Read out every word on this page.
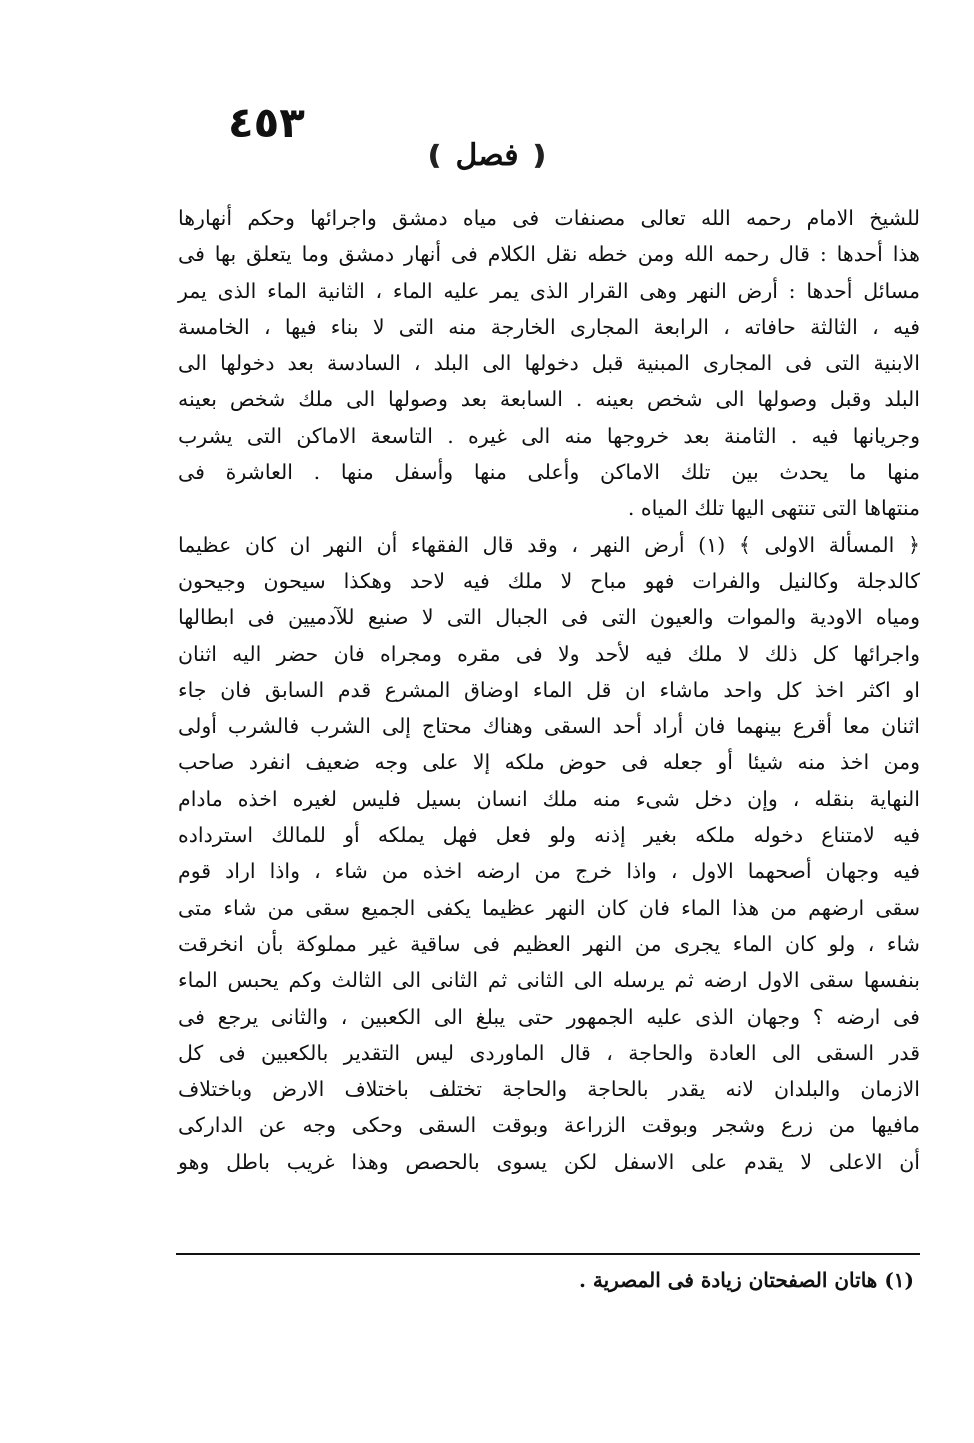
٤٥٣
❪ فصل ❫
للشيخ الامام رحمه الله تعالى مصنفات فى مياه دمشق واجرائها وحكم أنهارها
هذا أحدها : قال رحمه الله ومن خطه نقل الكلام فى أنهار دمشق وما يتعلق بها فى
مسائل أحدها : أرض النهر وهى القرار الذى يمر عليه الماء ، الثانية الماء الذى يمر
فيه ، الثالثة حافاته ، الرابعة المجارى الخارجة منه التى لا بناء فيها ، الخامسة
الابنية التى فى المجارى المبنية قبل دخولها الى البلد ، السادسة بعد دخولها الى
البلد وقبل وصولها الى شخص بعينه . السابعة بعد وصولها الى ملك شخص بعينه
وجريانها فيه . الثامنة بعد خروجها منه الى غيره . التاسعة الاماكن التى يشرب
منها ما يحدث بين تلك الاماكن وأعلى منها وأسفل منها . العاشرة فى
منتهاها التى تنتهى اليها تلك المياه .
﴿ المسألة الاولى ﴾ (١) أرض النهر ، وقد قال الفقهاء أن النهر ان كان عظيما
كالدجلة وكالنيل والفرات فهو مباح لا ملك فيه لاحد وهكذا سيحون وجيحون
ومياه الاودية والموات والعيون التى فى الجبال التى لا صنيع للآدميين فى ابطالها
واجرائها كل ذلك لا ملك فيه لأحد ولا فى مقره ومجراه فان حضر اليه اثنان
او اكثر اخذ كل واحد ماشاء ان قل الماء اوضاق المشرع قدم السابق فان جاء
اثنان معا أقرع بينهما فان أراد أحد السقى وهناك محتاج إلى الشرب فالشرب أولى
ومن اخذ منه شيئا أو جعله فى حوض ملكه إلا على وجه ضعيف انفرد صاحب
النهاية بنقله ، وإن دخل شىء منه ملك انسان بسيل فليس لغيره اخذه مادام
فيه لامتناع دخوله ملكه بغير إذنه ولو فعل فهل يملكه أو للمالك استرداده
فيه وجهان أصحهما الاول ، واذا خرج من ارضه اخذه من شاء ، واذا اراد قوم
سقى ارضهم من هذا الماء فان كان النهر عظيما يكفى الجميع سقى من شاء متى
شاء ، ولو كان الماء يجرى من النهر العظيم فى ساقية غير مملوكة بأن انخرقت
بنفسها سقى الاول ارضه ثم يرسله الى الثانى ثم الثانى الى الثالث وكم يحبس الماء
فى ارضه ؟ وجهان الذى عليه الجمهور حتى يبلغ الى الكعبين ، والثانى يرجع فى
قدر السقى الى العادة والحاجة ، قال الماوردى ليس التقدير بالكعبين فى كل
الازمان والبلدان لانه يقدر بالحاجة والحاجة تختلف باختلاف الارض وباختلاف
مافيها من زرع وشجر وبوقت الزراعة وبوقت السقى وحكى وجه عن الداركى
أن الاعلى لا يقدم على الاسفل لكن يسوى بالحصص وهذا غريب باطل وهو
(١) هاتان الصفحتان زيادة فى المصرية .
